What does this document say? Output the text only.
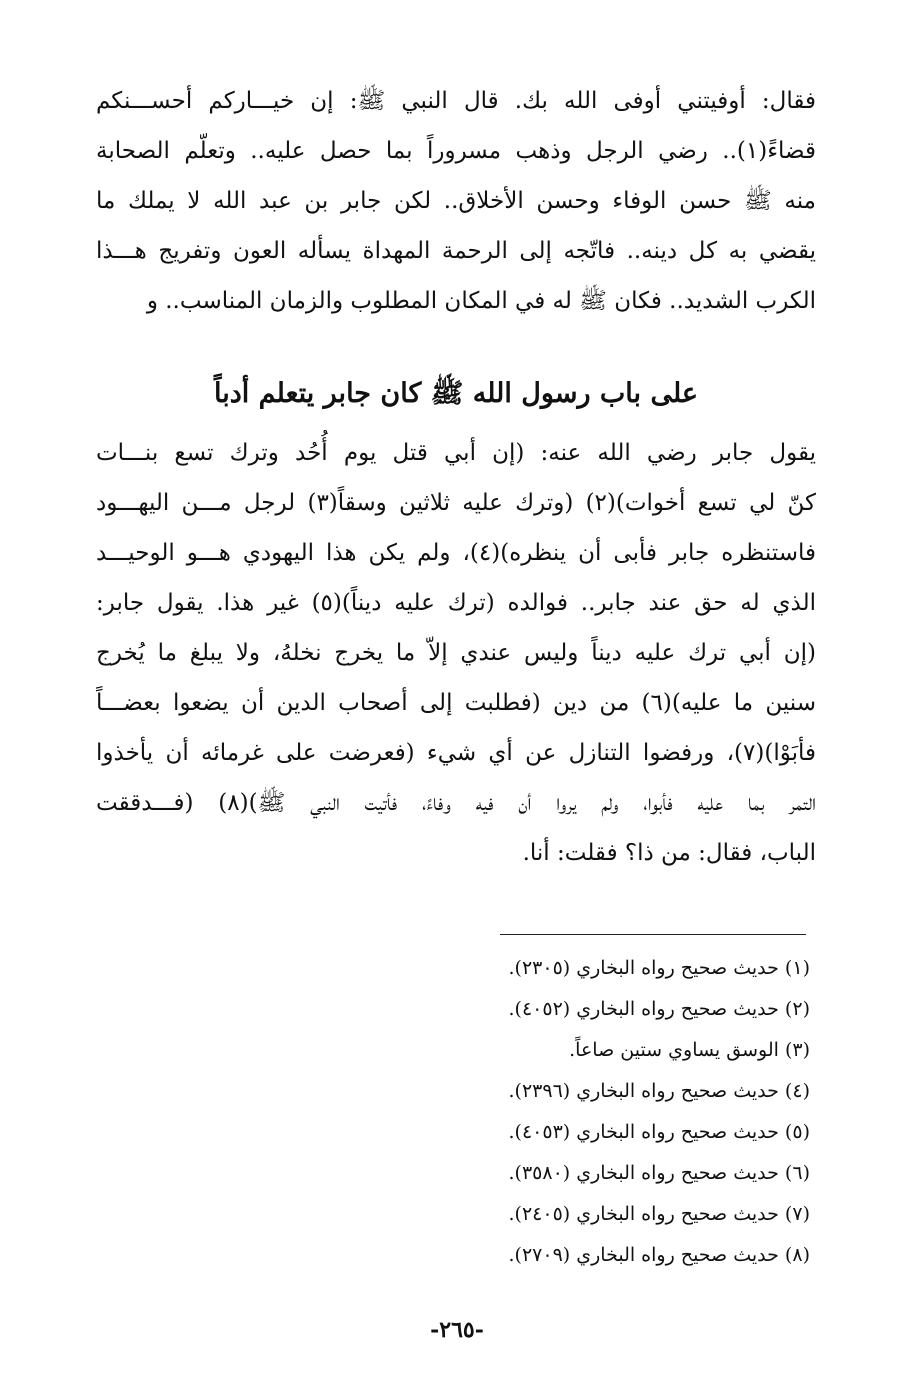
فقال: أوفيتني أوفى الله بك. قال النبي ﷺ: إن خيـــاركم أحســـنكم
قضاءً(١).. رضي الرجل وذهب مسروراً بما حصل عليه.. وتعلّم الصحابة
منه ﷺ حسن الوفاء وحسن الأخلاق.. لكن جابر بن عبد الله لا يملك ما
يقضي به كل دينه.. فاتّجه إلى الرحمة المهداة يسأله العون وتفريج هـــذا
الكرب الشديد.. فكان ﷺ له في المكان المطلوب والزمان المناسب.. و
على باب رسول الله ﷺ كان جابر يتعلم أدباً
يقول جابر رضي الله عنه: (إن أبي قتل يوم أُحُد وترك تسع بنـــات
كنّ لي تسع أخوات)(٢) (وترك عليه ثلاثين وسقاً(٣) لرجل مـــن اليهـــود
فاستنظره جابر فأبى أن ينظره)(٤)، ولم يكن هذا اليهودي هـــو الوحيـــد
الذي له حق عند جابر.. فوالده (ترك عليه ديناً)(٥) غير هذا. يقول جابر:
(إن أبي ترك عليه ديناً وليس عندي إلاّ ما يخرج نخلهُ، ولا يبلغ ما يُخرج
سنين ما عليه)(٦) من دين (فطلبت إلى أصحاب الدين أن يضعوا بعضـــاً
فأبَوْا)(٧)، ورفضوا التنازل عن أي شيء (فعرضت على غرمائه أن يأخذوا
التمر بما عليه فأبوا، ولم يروا أن فيه وفاءً، فأتيت النبي ﷺ)(٨) (فـــدققت
الباب، فقال: من ذا؟ فقلت: أنا.
(١) حديث صحيح رواه البخاري (٢٣٠٥).
(٢) حديث صحيح رواه البخاري (٤٠٥٢).
(٣) الوسق يساوي ستين صاعاً.
(٤) حديث صحيح رواه البخاري (٢٣٩٦).
(٥) حديث صحيح رواه البخاري (٤٠٥٣).
(٦) حديث صحيح رواه البخاري (٣٥٨٠).
(٧) حديث صحيح رواه البخاري (٢٤٠٥).
(٨) حديث صحيح رواه البخاري (٢٧٠٩).
-٢٦٥-
